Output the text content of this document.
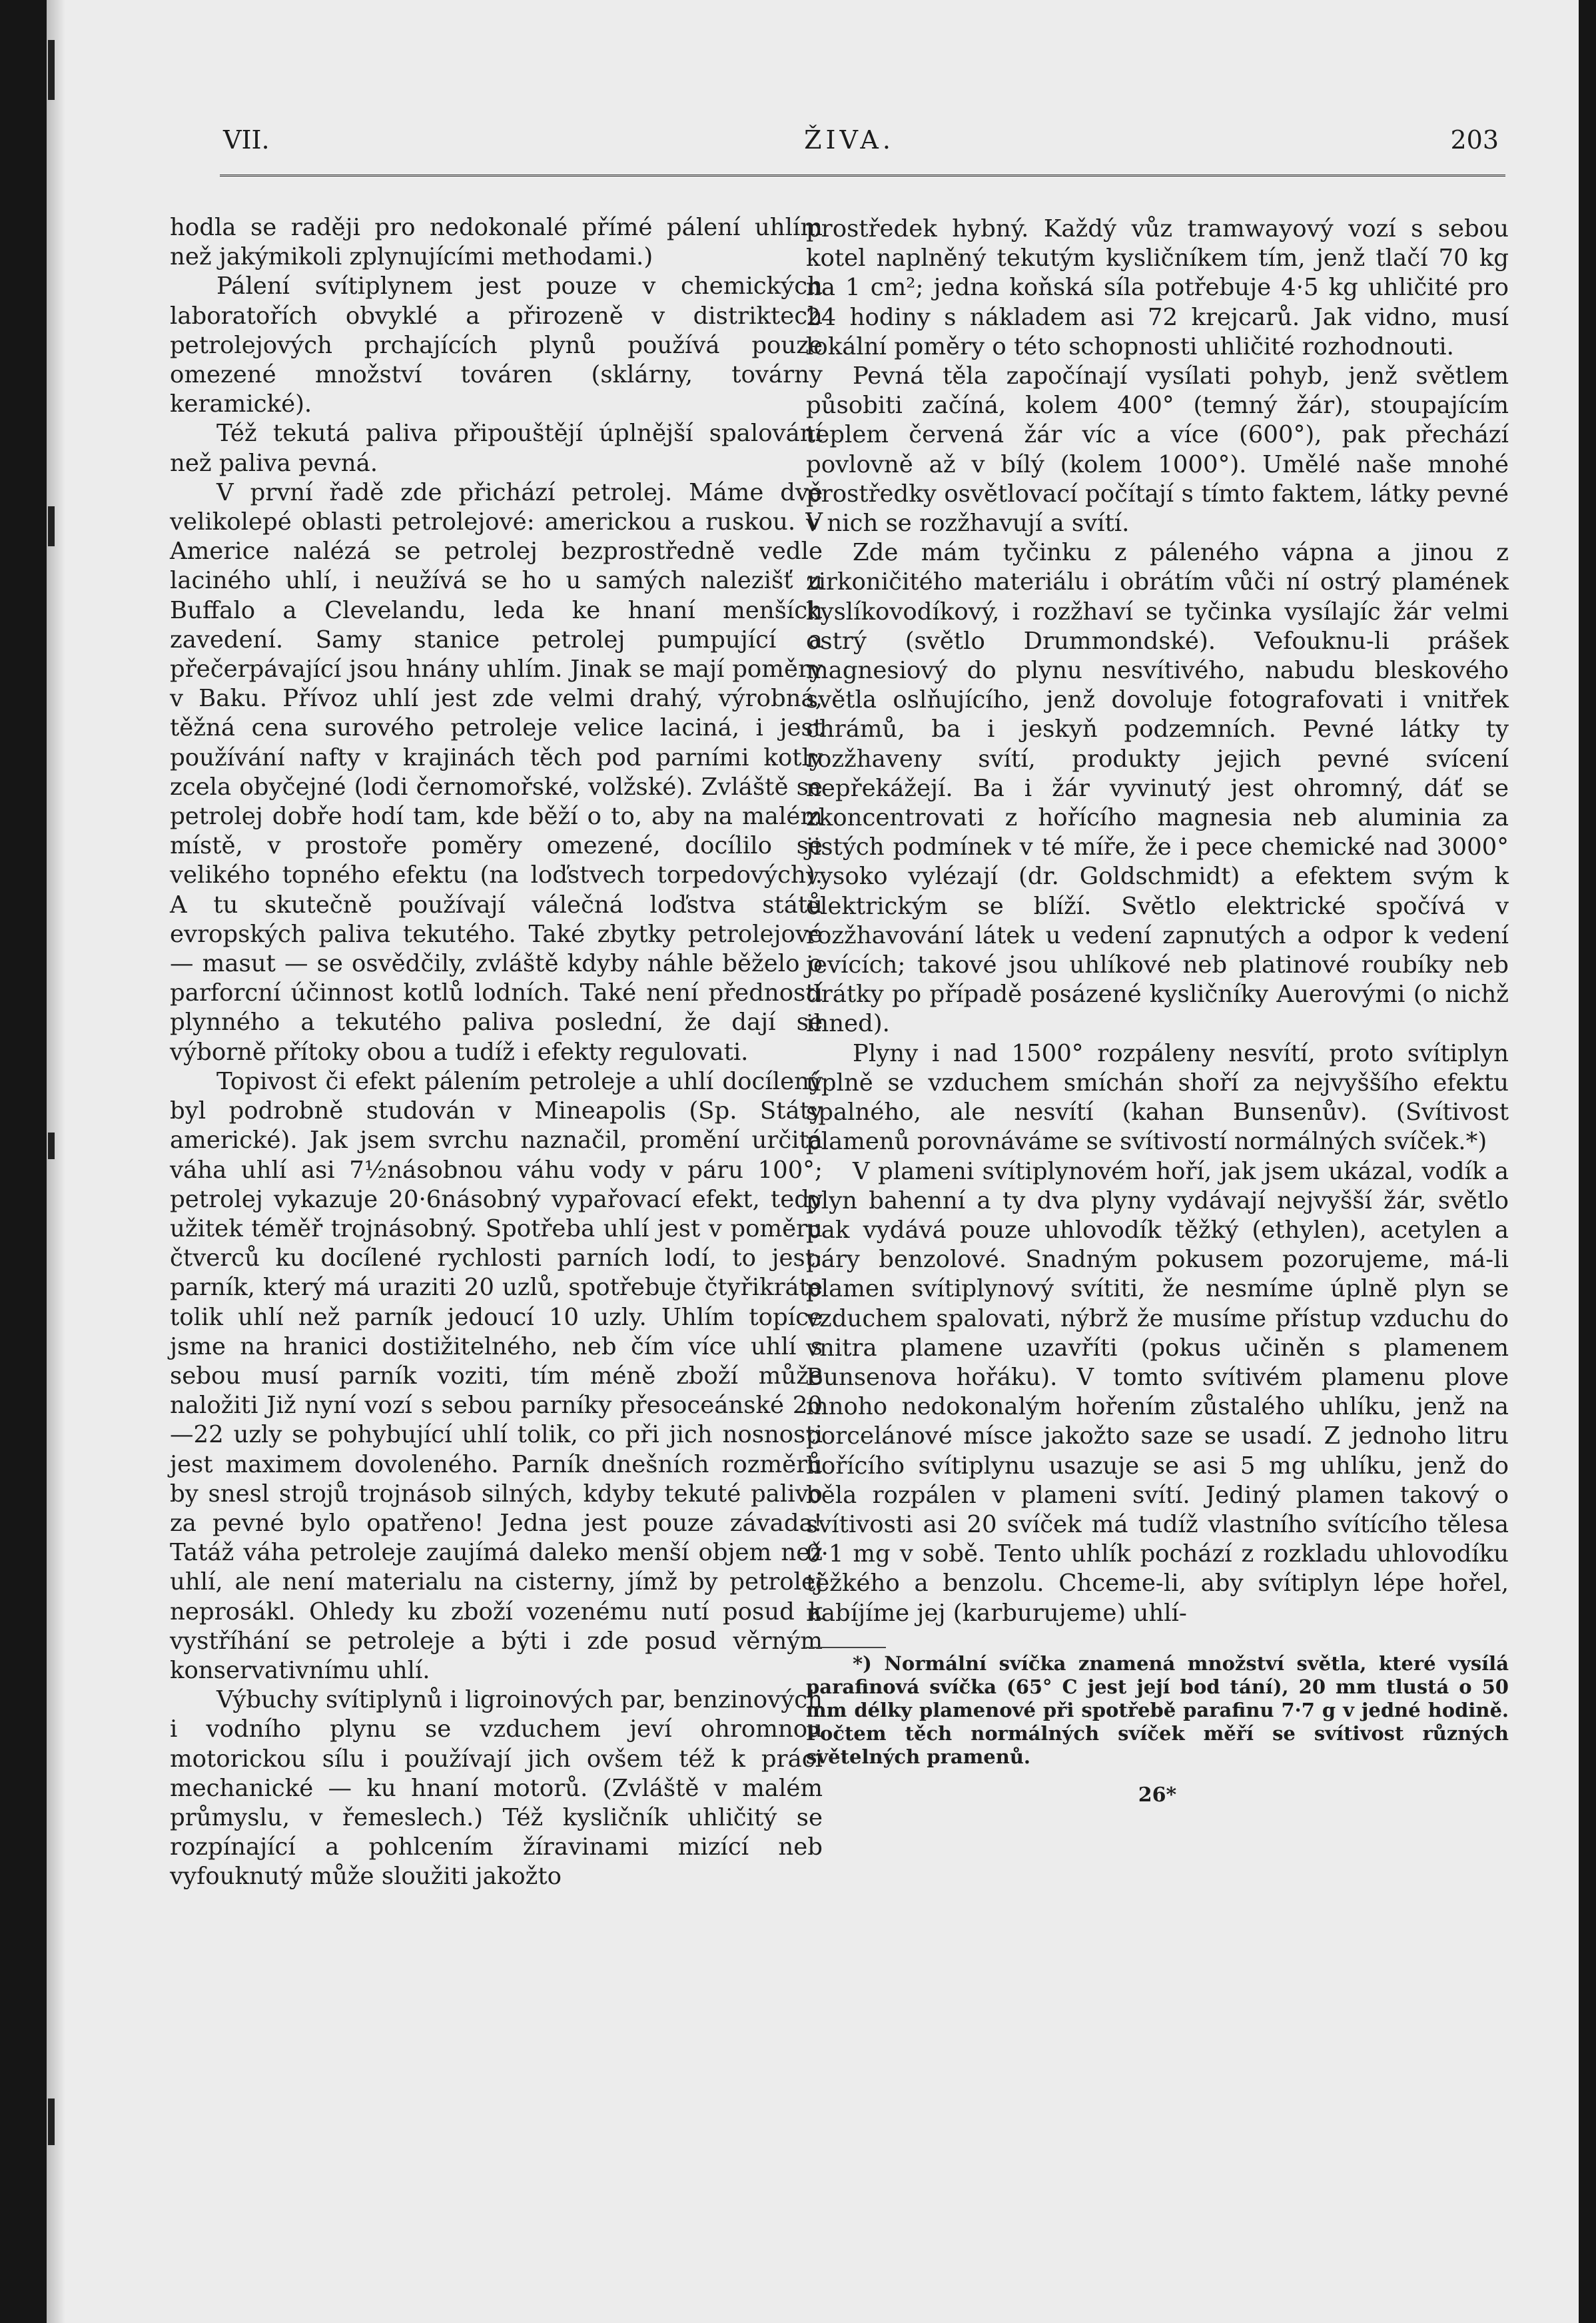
VII.	ŽIVA.	203

hodla se raději pro nedokonalé přímé pálení uhlím než jakýmikoli zplynujícími methodami.)

Pálení svítiplynem jest pouze v chemických laboratořích obvyklé a přirozeně v distriktech petrolejových prchajících plynů používá pouze omezené množství továren (sklárny, továrny keramické).

Též tekutá paliva připouštějí úplnější spalování než paliva pevná.

V první řadě zde přichází petrolej. Máme dvě velikolepé oblasti petrolejové: americkou a ruskou. V Americe nalézá se petrolej bezprostředně vedle laciného uhlí, i neužívá se ho u samých nalezišť u Buffalo a Clevelandu, leda ke hnaní menších zavedení. Samy stanice petrolej pumpující a přečerpávající jsou hnány uhlím. Jinak se mají poměry v Baku. Přívoz uhlí jest zde velmi drahý, výrobná, těžná cena surového petroleje velice laciná, i jest používání nafty v krajinách těch pod parními kotly zcela obyčejné (lodi černomořské, volžské). Zvláště se petrolej dobře hodí tam, kde běží o to, aby na malém místě, v prostoře poměry omezené, docílilo se velikého topného efektu (na loďstvech torpedových). A tu skutečně používají válečná loďstva států evropských paliva tekutého. Také zbytky petrolejové — masut — se osvědčily, zvláště kdyby náhle běželo o parforcní účinnost kotlů lodních. Také není předností plynného a tekutého paliva poslední, že dají se výborně přítoky obou a tudíž i efekty regulovati.

Topivost či efekt pálením petroleje a uhlí docílený byl podrobně studován v Mineapolis (Sp. Státy americké). Jak jsem svrchu naznačil, promění určitá váha uhlí asi 7½násobnou váhu vody v páru 100°; petrolej vykazuje 20·6násobný vypařovací efekt, tedy užitek téměř trojnásobný. Spotřeba uhlí jest v poměru čtverců ku docílené rychlosti parních lodí, to jest: parník, který má uraziti 20 uzlů, spotřebuje čtyřikráte tolik uhlí než parník jedoucí 10 uzly. Uhlím topíce jsme na hranici dostižitelného, neb čím více uhlí s sebou musí parník voziti, tím méně zboží může naložiti Již nyní vozí s sebou parníky přesoceánské 20—22 uzly se pohybující uhlí tolik, co při jich nosnosti jest maximem dovoleného. Parník dnešních rozměrů by snesl strojů trojnásob silných, kdyby tekuté palivo za pevné bylo opatřeno! Jedna jest pouze závada! Tatáž váha petroleje zaujímá daleko menší objem než uhlí, ale není materialu na cisterny, jímž by petrolej neprosákl. Ohledy ku zboží vozenému nutí posud k vystříhání se petroleje a býti i zde posud věrným konservativnímu uhlí.

Výbuchy svítiplynů i ligroinových par, benzinových i vodního plynu se vzduchem jeví ohromnou motorickou sílu i používají jich ovšem též k práci mechanické — ku hnaní motorů. (Zvláště v malém průmyslu, v řemeslech.) Též kysličník uhličitý se rozpínající a pohlcením žíravinami mizící neb vyfouknutý může sloužiti jakožto

prostředek hybný. Každý vůz tramwayový vozí s sebou kotel naplněný tekutým kysličníkem tím, jenž tlačí 70 kg na 1 cm²; jedna koňská síla potřebuje 4·5 kg uhličité pro 24 hodiny s nákladem asi 72 krejcarů. Jak vidno, musí lokální poměry o této schopnosti uhličité rozhodnouti.

Pevná těla započínají vysílati pohyb, jenž světlem působiti začíná, kolem 400° (temný žár), stoupajícím teplem červená žár víc a více (600°), pak přechází povlovně až v bílý (kolem 1000°). Umělé naše mnohé prostředky osvětlovací počítají s tímto faktem, látky pevné v nich se rozžhavují a svítí.

Zde mám tyčinku z páleného vápna a jinou z zirkoničitého materiálu i obrátím vůči ní ostrý plamének kyslíkovodíkový, i rozžhaví se tyčinka vysílajíc žár velmi ostrý (světlo Drummondské). Vefouknu-li prášek magnesiový do plynu nesvítivého, nabudu bleskového světla oslňujícího, jenž dovoluje fotografovati i vnitřek chrámů, ba i jeskyň podzemních. Pevné látky ty rozžhaveny svítí, produkty jejich pevné svícení nepřekážejí. Ba i žár vyvinutý jest ohromný, dáť se zkoncentrovati z hořícího magnesia neb aluminia za jistých podmínek v té míře, že i pece chemické nad 3000° vysoko vylézají (dr. Goldschmidt) a efektem svým k elektrickým se blíží. Světlo elektrické spočívá v rozžhavování látek u vedení zapnutých a odpor k vedení jevících; takové jsou uhlíkové neb platinové roubíky neb drátky po případě posázené kysličníky Auerovými (o nichž ihned).

Plyny i nad 1500° rozpáleny nesvítí, proto svítiplyn úplně se vzduchem smíchán shoří za nejvyššího efektu spalného, ale nesvítí (kahan Bunsenův). (Svítivost plamenů porovnáváme se svítivostí normálných svíček.*)

V plameni svítiplynovém hoří, jak jsem ukázal, vodík a plyn bahenní a ty dva plyny vydávají nejvyšší žár, světlo pak vydává pouze uhlovodík těžký (ethylen), acetylen a páry benzolové. Snadným pokusem pozorujeme, má-li plamen svítiplynový svítiti, že nesmíme úplně plyn se vzduchem spalovati, nýbrž že musíme přístup vzduchu do vnitra plamene uzavříti (pokus učiněn s plamenem Bunsenova hořáku). V tomto svítivém plamenu plove mnoho nedokonalým hořením zůstalého uhlíku, jenž na porcelánové mísce jakožto saze se usadí. Z jednoho litru hořícího svítiplynu usazuje se asi 5 mg uhlíku, jenž do běla rozpálen v plameni svítí. Jediný plamen takový o svítivosti asi 20 svíček má tudíž vlastního svítícího tělesa 0·1 mg v sobě. Tento uhlík pochází z rozkladu uhlovodíku těžkého a benzolu. Chceme-li, aby svítiplyn lépe hořel, nabíjíme jej (karburujeme) uhlí-

*) Normální svíčka znamená množství světla, které vysílá parafinová svíčka (65° C jest její bod tání), 20 mm tlustá o 50 mm délky plamenové při spotřebě parafinu 7·7 g v jedné hodině. Počtem těch normálných svíček měří se svítivost různých světelných pramenů.

26*
